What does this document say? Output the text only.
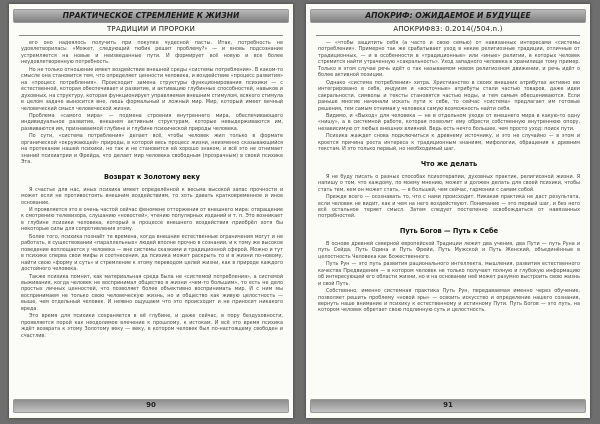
ПРАКТИЧЕСКОЕ СТРЕМЛЕНИЕ К ЖИЗНИ
ТРАДИЦИИ И ПРОРОКИ

его оно надеялось получить при покупке чудесной пасты. Итак, потребность не удовлетворилась: «Может, следующий тюбик решит проблему?» — и вновь подсознание устремляется на новые и неизведанные пути. И формирует всё новую и все более неудовлетворенную потребность.

Но не только отношение имеет воздействие внешней среды «системы потребления». В каком-то смысле она становится тем, что определяет ценности человека, и воздействие «процесс развития» на «процесс потребления». Происходит замена структуры функционирования психики — с естественной, которая обеспечивает и развитие, и активацию глубинных способностей, навыков и духовных, на структуру, которая функционирует управляемая внешним стимулом, всякого стимула в целом задаче выносится вне, лишь формальный и ложный мир. Мир, который имеет вечный человеческий смысл человеческой жизни.

Проблема «самого мира» — подмена строения внутреннего мира, обеспечивающего индивидуальное развитие, внешнем активным структурам, которые невыдерживаются им, развиваются им, признаваемой глубине и глубине психической природы человека.

По сути, «система потребления» делает всё, чтобы человек жил только в формате органической «окружающей» природы, в которой весь процесс жизни, неизменно сказывающийся на протекание нашей психики, но так и не становится ей хорошо знаком, и всё это не отнимает знаний психиатрии и Фрейда, что делает мир человека свободным (прозрачным) в своей психике Эта.

Возврат к Золотому веку

Я счастье для нас, иных психика имеет определённой к весьма высокой запас прочности и может если не противостоять внешним воздействиям, то хоть давать кратковременное и иное основание.

И проявляется это в очень частой сейчас феномене отторжения от внешнего мира: отвращение к смотрению телевизора, слушанию «новостей», чтению популярных изданий и т. п. Это возникает в глубине психики человека, который в процессе внешнего воздействия приобрёл хотя бы некоторые силы для сопротивления этому.

Более того, психика познаёт те времена, когда внешние естественные ограничения могут и не работать, в существовании «параллельных» людей вполне прочно в сознании, и к тому же высокое поведение воплощается у человека — вне системы сказками и традиционной сферой. Можно и тут в психике сперва свои мифы и соотнесения, да психика может раскрыть то и в жизни по-новому, найти свою «форму и суть» и стремление к этому переводом целей жизни, как в природе каждого достойного человека.

Также психика помнит, как материальная среда была не «системой потребления», а системой выживания, когда человек не воспринимал общество в жизни «чем-то большим», то есть не дело простых личных ценностей, что позволяет более объективно воспринимать мир. И с ним мы воспринимаем не только свою человеческую жизнь, но и общество как живую целостность — выше, чем отдельный человек. И неявно ощущаем что это происходит и не приносит никакого вреда.

Это время для психики сохраняется в её глубине, и даже сейчас, в пору бездуховности, проявляется порой как неодолимое влечение к прошлому, к истокам. И всё это время психика ждёт возврата к этому Золотому веку — веку, в котором человек был по-настоящему свободен и счастлив.

90
АПОКРИФ: ОЖИДАЕМОЕ И БУДУЩЕЕ
АПОКРИФ83: 0.2014(/504.n.)

— «чтобы защитить себя (а часто и свою семью) от навязанных интересами «системы потребления». Примерно так же срабатывает уход в некие религиозные традиции, отличные от традиционных, — и в особенности в «традиционные» или «иные» религии, в которых человек стремится найти утраченную «сакральность». Уход западного человека в хранилище тому пример. Только в этом случае речь идёт о так называемом новом религиозном движении, и речь идёт о более активной позиции.

Однако «система потребления» хитра. Христианство в своих внешних атрибутах активно ею интегрировано в себя, индуизм и «восточные» атрибуты стали частью товаров, даже идеи сакральности, символы и тексты становятся частью моды, и тем самым обесцениваются. Если раньше многие начинали искать пути к себе, то сейчас «система» предлагает им готовые решения, тем самым отнимая у человека самую возможность найти себя.

Видимо, и «Выход» для человека — не в отдельном уходе от внешнего мира в какую-то одну «нишу», а в системной работе, которая позволит ему обрести собственную внутреннюю опору, независимую от любых внешних влияний. Ведь есть нечто большее, чем просто уход: поиск пути.

Психика жаждет снова подключиться к древнему источнику, и это не случайно — в этом и кроется причина роста интереса к традиционным знаниям, мифологии, обращения к древним текстам. И это только первый, но необходимый шаг.

Что же делать

Я не буду писать о разных способах психотерапии, духовных практик, религиозной жизни. Я напишу о том, что каждому, по моему мнению, может и должен делать для своей психики, чтобы стать тем, кем он может стать, — в большей, чем сейчас, гармонии с самим собой.

Прежде всего — осознавать то, что с нами происходит. Никакая практика не даст результата, если человек не видит, как и чем на него воздействуют. Понимание — это первый шаг, и без него всё остальное теряет смысл. Затем следует постепенно освобождаться от навязанных потребностей.

Путь Богов — Путь к Себе

В основе древней северной европейской Традиции лежит два учения, два Пути — путь Руна и путь Сейда, Путь Одина и Путь Фрейи, Путь Мужской и Путь Женский, объединённые в целостность Человека как Божественного.

Путь Рун — это путь развития рационального интеллекта, мышления, развития естественного качества Предвидения — в котором человек не только получает полную и глубокую информацию об интересующей его области жизни, но и на основании неё может разумно выстроить свою жизнь и свой Путь.

Собственно, именно системная практика Путь Рун, передаваемая именно через обучение, позволяет решить проблему «новой эры» — освоить искусство и определение нашего сознания, вернуть наше внимание и психику к естественному и истинному Пути. Путь Богов — это путь, на котором человек обретает свою подлинную суть и целостность.

91
